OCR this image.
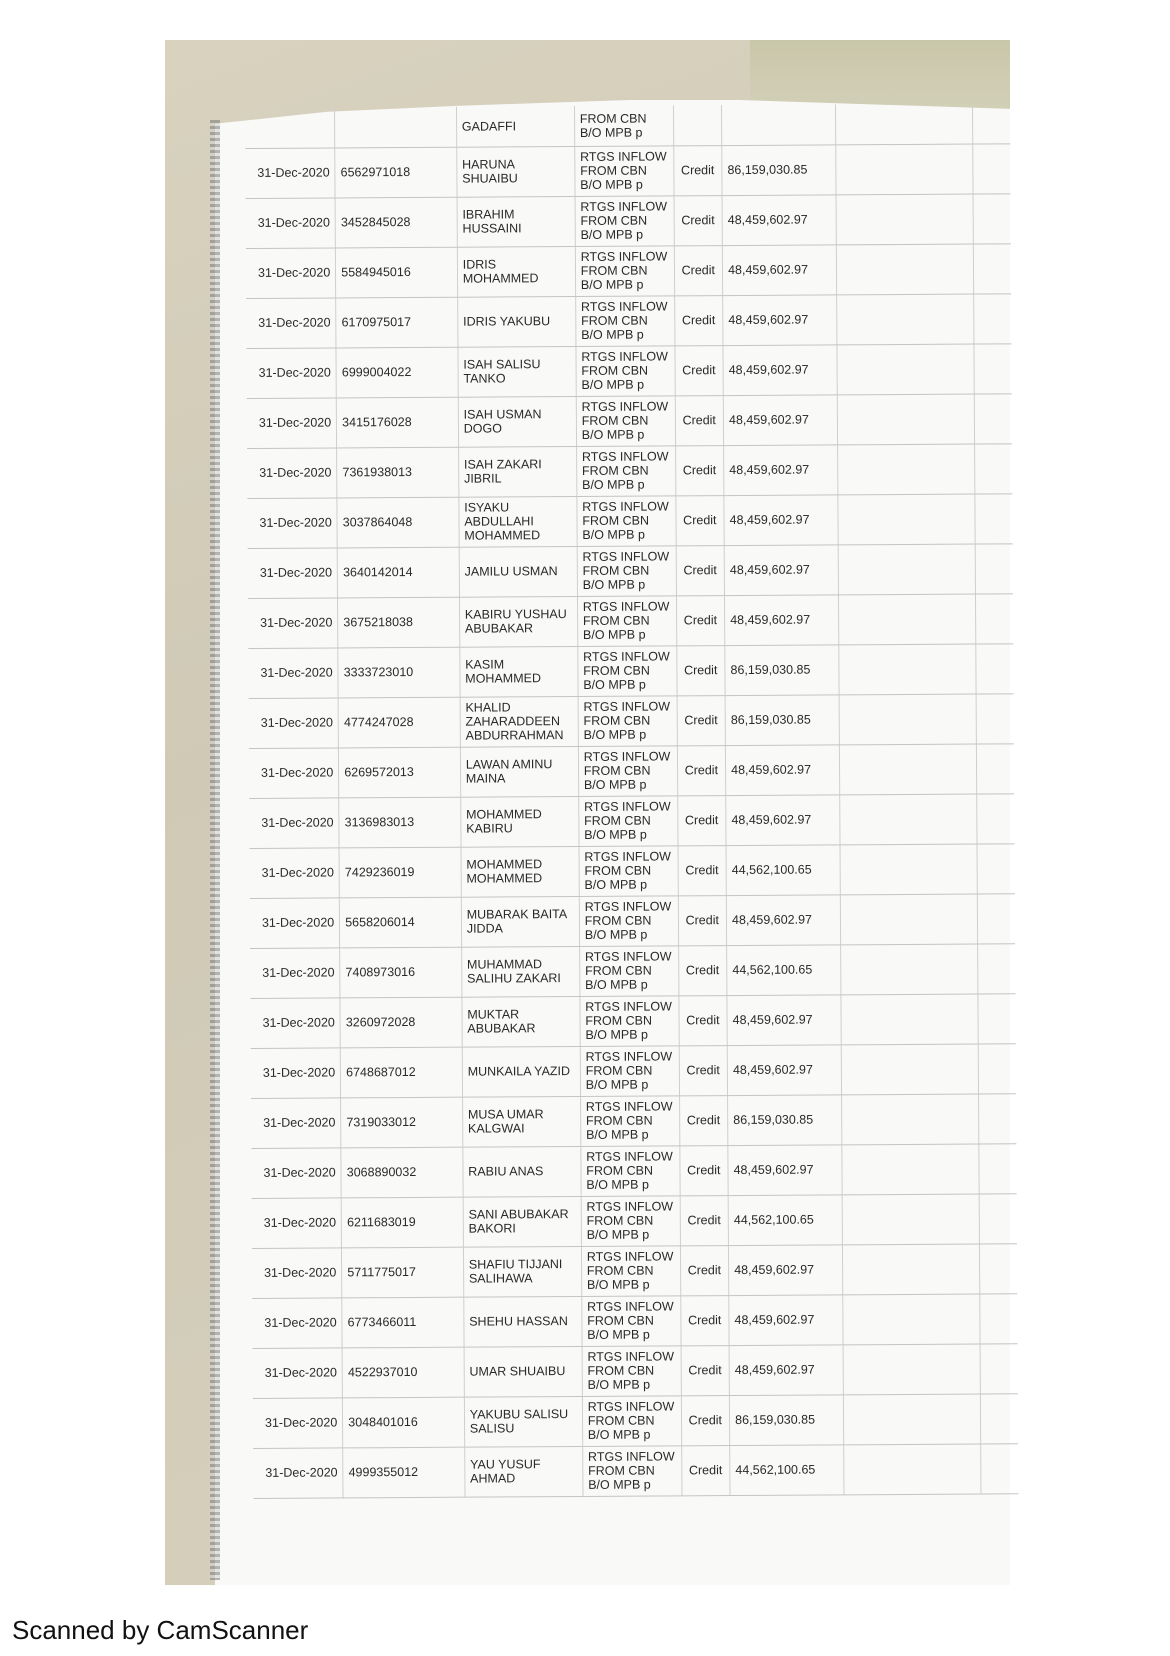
		GADAFFI	FROM CBN B/O MPB p				
31-Dec-2020	6562971018	HARUNA SHUAIBU	RTGS INFLOW FROM CBN B/O MPB p	Credit	86,159,030.85		
31-Dec-2020	3452845028	IBRAHIM HUSSAINI	RTGS INFLOW FROM CBN B/O MPB p	Credit	48,459,602.97		
31-Dec-2020	5584945016	IDRIS MOHAMMED	RTGS INFLOW FROM CBN B/O MPB p	Credit	48,459,602.97		
31-Dec-2020	6170975017	IDRIS YAKUBU	RTGS INFLOW FROM CBN B/O MPB p	Credit	48,459,602.97		
31-Dec-2020	6999004022	ISAH SALISU TANKO	RTGS INFLOW FROM CBN B/O MPB p	Credit	48,459,602.97		
31-Dec-2020	3415176028	ISAH USMAN DOGO	RTGS INFLOW FROM CBN B/O MPB p	Credit	48,459,602.97		
31-Dec-2020	7361938013	ISAH ZAKARI JIBRIL	RTGS INFLOW FROM CBN B/O MPB p	Credit	48,459,602.97		
31-Dec-2020	3037864048	ISYAKU ABDULLAHI MOHAMMED	RTGS INFLOW FROM CBN B/O MPB p	Credit	48,459,602.97		
31-Dec-2020	3640142014	JAMILU USMAN	RTGS INFLOW FROM CBN B/O MPB p	Credit	48,459,602.97		
31-Dec-2020	3675218038	KABIRU YUSHAU ABUBAKAR	RTGS INFLOW FROM CBN B/O MPB p	Credit	48,459,602.97		
31-Dec-2020	3333723010	KASIM MOHAMMED	RTGS INFLOW FROM CBN B/O MPB p	Credit	86,159,030.85		
31-Dec-2020	4774247028	KHALID ZAHARADDEEN ABDURRAHMAN	RTGS INFLOW FROM CBN B/O MPB p	Credit	86,159,030.85		
31-Dec-2020	6269572013	LAWAN AMINU MAINA	RTGS INFLOW FROM CBN B/O MPB p	Credit	48,459,602.97		
31-Dec-2020	3136983013	MOHAMMED KABIRU	RTGS INFLOW FROM CBN B/O MPB p	Credit	48,459,602.97		
31-Dec-2020	7429236019	MOHAMMED MOHAMMED	RTGS INFLOW FROM CBN B/O MPB p	Credit	44,562,100.65		
31-Dec-2020	5658206014	MUBARAK BAITA JIDDA	RTGS INFLOW FROM CBN B/O MPB p	Credit	48,459,602.97		
31-Dec-2020	7408973016	MUHAMMAD SALIHU ZAKARI	RTGS INFLOW FROM CBN B/O MPB p	Credit	44,562,100.65		
31-Dec-2020	3260972028	MUKTAR ABUBAKAR	RTGS INFLOW FROM CBN B/O MPB p	Credit	48,459,602.97		
31-Dec-2020	6748687012	MUNKAILA YAZID	RTGS INFLOW FROM CBN B/O MPB p	Credit	48,459,602.97		
31-Dec-2020	7319033012	MUSA UMAR KALGWAI	RTGS INFLOW FROM CBN B/O MPB p	Credit	86,159,030.85		
31-Dec-2020	3068890032	RABIU ANAS	RTGS INFLOW FROM CBN B/O MPB p	Credit	48,459,602.97		
31-Dec-2020	6211683019	SANI ABUBAKAR BAKORI	RTGS INFLOW FROM CBN B/O MPB p	Credit	44,562,100.65		
31-Dec-2020	5711775017	SHAFIU TIJJANI SALIHAWA	RTGS INFLOW FROM CBN B/O MPB p	Credit	48,459,602.97		
31-Dec-2020	6773466011	SHEHU HASSAN	RTGS INFLOW FROM CBN B/O MPB p	Credit	48,459,602.97		
31-Dec-2020	4522937010	UMAR SHUAIBU	RTGS INFLOW FROM CBN B/O MPB p	Credit	48,459,602.97		
31-Dec-2020	3048401016	YAKUBU SALISU SALISU	RTGS INFLOW FROM CBN B/O MPB p	Credit	86,159,030.85		
31-Dec-2020	4999355012	YAU YUSUF AHMAD	RTGS INFLOW FROM CBN B/O MPB p	Credit	44,562,100.65		
Scanned by CamScanner
